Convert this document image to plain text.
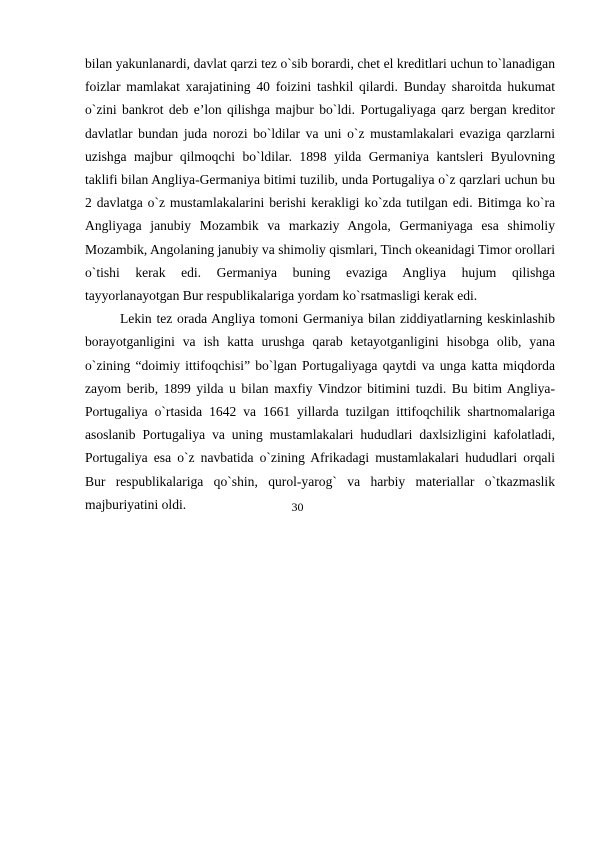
bilan yakunlanardi, davlat qarzi tez o`sib borardi, chet el kreditlari uchun to`lanadigan foizlar mamlakat xarajatining 40 foizini tashkil qilardi. Bunday sharoitda hukumat o`zini bankrot deb e’lon qilishga majbur bo`ldi. Portugaliyaga qarz bergan kreditor davlatlar bundan juda norozi bo`ldilar va uni o`z mustamlakalari evaziga qarzlarni uzishga majbur qilmoqchi bo`ldilar. 1898 yilda Germaniya kantsleri Byulovning taklifi bilan Angliya-Germaniya bitimi tuzilib, unda Portugaliya o`z qarzlari uchun bu 2 davlatga o`z mustamlakalarini berishi kerakligi ko`zda tutilgan edi. Bitimga ko`ra Angliyaga janubiy Mozambik va markaziy Angola, Germaniyaga esa shimoliy Mozambik, Angolaning janubiy va shimoliy qismlari, Tinch okeanidagi Timor orollari o`tishi kerak edi. Germaniya buning evaziga Angliya hujum qilishga tayyorlanayotgan Bur respublikalariga yordam ko`rsatmasligi kerak edi.

Lekin tez orada Angliya tomoni Germaniya bilan ziddiyatlarning keskinlashib borayotganligini va ish katta urushga qarab ketayotganligini hisobga olib, yana o`zining “doimiy ittifoqchisi” bo`lgan Portugaliyaga qaytdi va unga katta miqdorda zayom berib, 1899 yilda u bilan maxfiy Vindzor bitimini tuzdi. Bu bitim Angliya- Portugaliya o`rtasida 1642 va 1661 yillarda tuzilgan ittifoqchilik shartnomalariga asoslanib Portugaliya va uning mustamlakalari hududlari daxlsizligini kafolatladi, Portugaliya esa o`z navbatida o`zining Afrikadagi mustamlakalari hududlari orqali Bur respublikalariga qo`shin, qurol-yarog` va harbiy materiallar o`tkazmaslik majburiyatini oldi.	30
